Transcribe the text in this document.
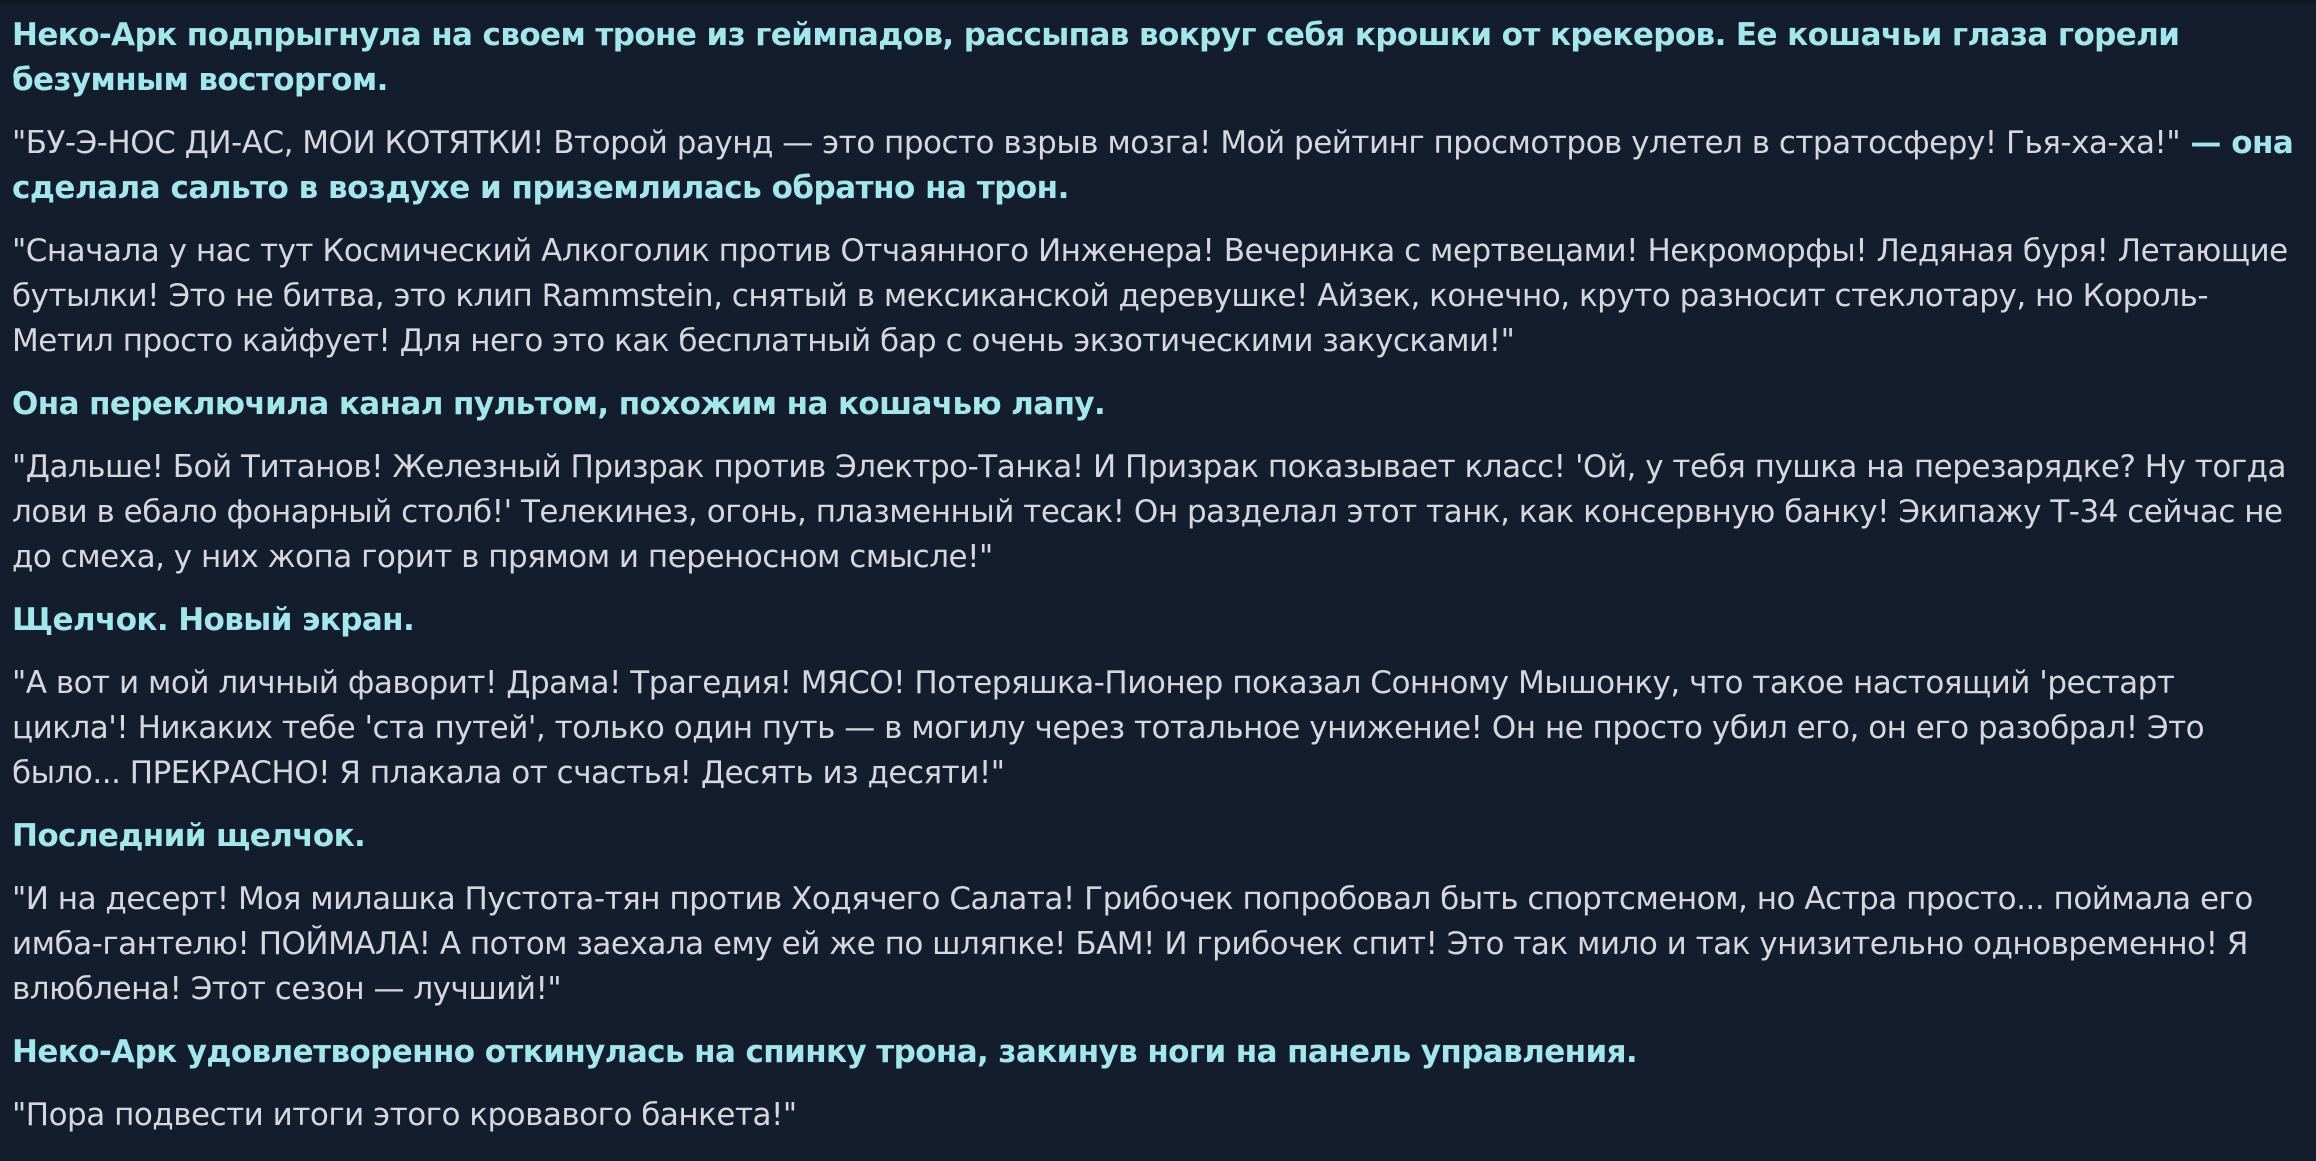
Неко-Арк подпрыгнула на своем троне из геймпадов, рассыпав вокруг себя крошки от крекеров. Ее кошачьи глаза горели безумным восторгом.

"БУ-Э-НОС ДИ-АС, МОИ КОТЯТКИ! Второй раунд — это просто взрыв мозга! Мой рейтинг просмотров улетел в стратосферу! Гья-ха-ха!" — она сделала сальто в воздухе и приземлилась обратно на трон.

"Сначала у нас тут Космический Алкоголик против Отчаянного Инженера! Вечеринка с мертвецами! Некроморфы! Ледяная буря! Летающие бутылки! Это не битва, это клип Rammstein, снятый в мексиканской деревушке! Айзек, конечно, круто разносит стеклотару, но Король-Метил просто кайфует! Для него это как бесплатный бар с очень экзотическими закусками!"

Она переключила канал пультом, похожим на кошачью лапу.

"Дальше! Бой Титанов! Железный Призрак против Электро-Танка! И Призрак показывает класс! 'Ой, у тебя пушка на перезарядке? Ну тогда лови в ебало фонарный столб!' Телекинез, огонь, плазменный тесак! Он разделал этот танк, как консервную банку! Экипажу Т-34 сейчас не до смеха, у них жопа горит в прямом и переносном смысле!"

Щелчок. Новый экран.

"А вот и мой личный фаворит! Драма! Трагедия! МЯСО! Потеряшка-Пионер показал Сонному Мышонку, что такое настоящий 'рестарт цикла'! Никаких тебе 'ста путей', только один путь — в могилу через тотальное унижение! Он не просто убил его, он его разобрал! Это было... ПРЕКРАСНО! Я плакала от счастья! Десять из десяти!"

Последний щелчок.

"И на десерт! Моя милашка Пустота-тян против Ходячего Салата! Грибочек попробовал быть спортсменом, но Астра просто... поймала его имба-гантелю! ПОЙМАЛА! А потом заехала ему ей же по шляпке! БАМ! И грибочек спит! Это так мило и так унизительно одновременно! Я влюблена! Этот сезон — лучший!"

Неко-Арк удовлетворенно откинулась на спинку трона, закинув ноги на панель управления.

"Пора подвести итоги этого кровавого банкета!"
